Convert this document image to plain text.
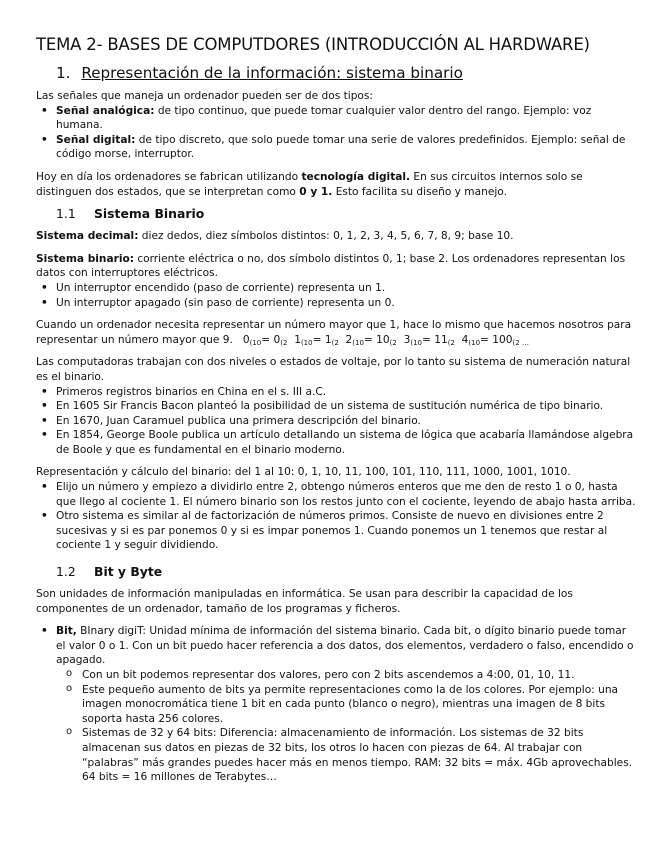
TEMA 2- BASES DE COMPUTDORES (INTRODUCCIÓN AL HARDWARE)
1. Representación de la información: sistema binario

Las señales que maneja un ordenador pueden ser de dos tipos:

• Señal analógica: de tipo continuo, que puede tomar cualquier valor dentro del rango. Ejemplo: voz humana.
• Señal digital: de tipo discreto, que solo puede tomar una serie de valores predefinidos. Ejemplo: señal de código morse, interruptor.

Hoy en día los ordenadores se fabrican utilizando tecnología digital. En sus circuitos internos solo se distinguen dos estados, que se interpretan como 0 y 1. Esto facilita su diseño y manejo.

1.1 Sistema Binario

Sistema decimal: diez dedos, diez símbolos distintos: 0, 1, 2, 3, 4, 5, 6, 7, 8, 9; base 10.

Sistema binario: corriente eléctrica o no, dos símbolo distintos 0, 1; base 2. Los ordenadores representan los datos con interruptores eléctricos.

• Un interruptor encendido (paso de corriente) representa un 1.
• Un interruptor apagado (sin paso de corriente) representa un 0.

Cuando un ordenador necesita representar un número mayor que 1, hace lo mismo que hacemos nosotros para representar un número mayor que 9. $0_{(10}= 0_{(2}$ $1_{(10}= 1_{(2}$ $2_{(10}= 10_{(2}$ $3_{(10}= 11_{(2}$ $4_{(10}= 100_{(2 \dots}$

Las computadoras trabajan con dos niveles o estados de voltaje, por lo tanto su sistema de numeración natural es el binario.

• Primeros registros binarios en China en el s. III a.C.
• En 1605 Sir Francis Bacon planteó la posibilidad de un sistema de sustitución numérica de tipo binario.
• En 1670, Juan Caramuel publica una primera descripción del binario.
• En 1854, George Boole publica un artículo detallando un sistema de lógica que acabaría llamándose algebra de Boole y que es fundamental en el binario moderno.

Representación y cálculo del binario: del 1 al 10: 0, 1, 10, 11, 100, 101, 110, 111, 1000, 1001, 1010.

• Elijo un número y empiezo a dividirlo entre 2, obtengo números enteros que me den de resto 1 o 0, hasta que llego al cociente 1. El número binario son los restos junto con el cociente, leyendo de abajo hasta arriba.
• Otro sistema es similar al de factorización de números primos. Consiste de nuevo en divisiones entre 2 sucesivas y si es par ponemos 0 y si es impar ponemos 1. Cuando ponemos un 1 tenemos que restar al cociente 1 y seguir dividiendo.
1.2 Bit y Byte

Son unidades de información manipuladas en informática. Se usan para describir la capacidad de los componentes de un ordenador, tamaño de los programas y ficheros.

• Bit, BInary digiT: Unidad mínima de información del sistema binario. Cada bit, o dígito binario puede tomar el valor 0 o 1. Con un bit puedo hacer referencia a dos datos, dos elementos, verdadero o falso, encendido o apagado.
o Con un bit podemos representar dos valores, pero con 2 bits ascendemos a 4:00, 01, 10, 11.
o Este pequeño aumento de bits ya permite representaciones como la de los colores. Por ejemplo: una imagen monocromática tiene 1 bit en cada punto (blanco o negro), mientras una imagen de 8 bits soporta hasta 256 colores.
o Sistemas de 32 y 64 bits: Diferencia: almacenamiento de información. Los sistemas de 32 bits almacenan sus datos en piezas de 32 bits, los otros lo hacen con piezas de 64. Al trabajar con “palabras” más grandes puedes hacer más en menos tiempo. RAM: 32 bits = máx. 4Gb aprovechables. 64 bits = 16 millones de Terabytes…
